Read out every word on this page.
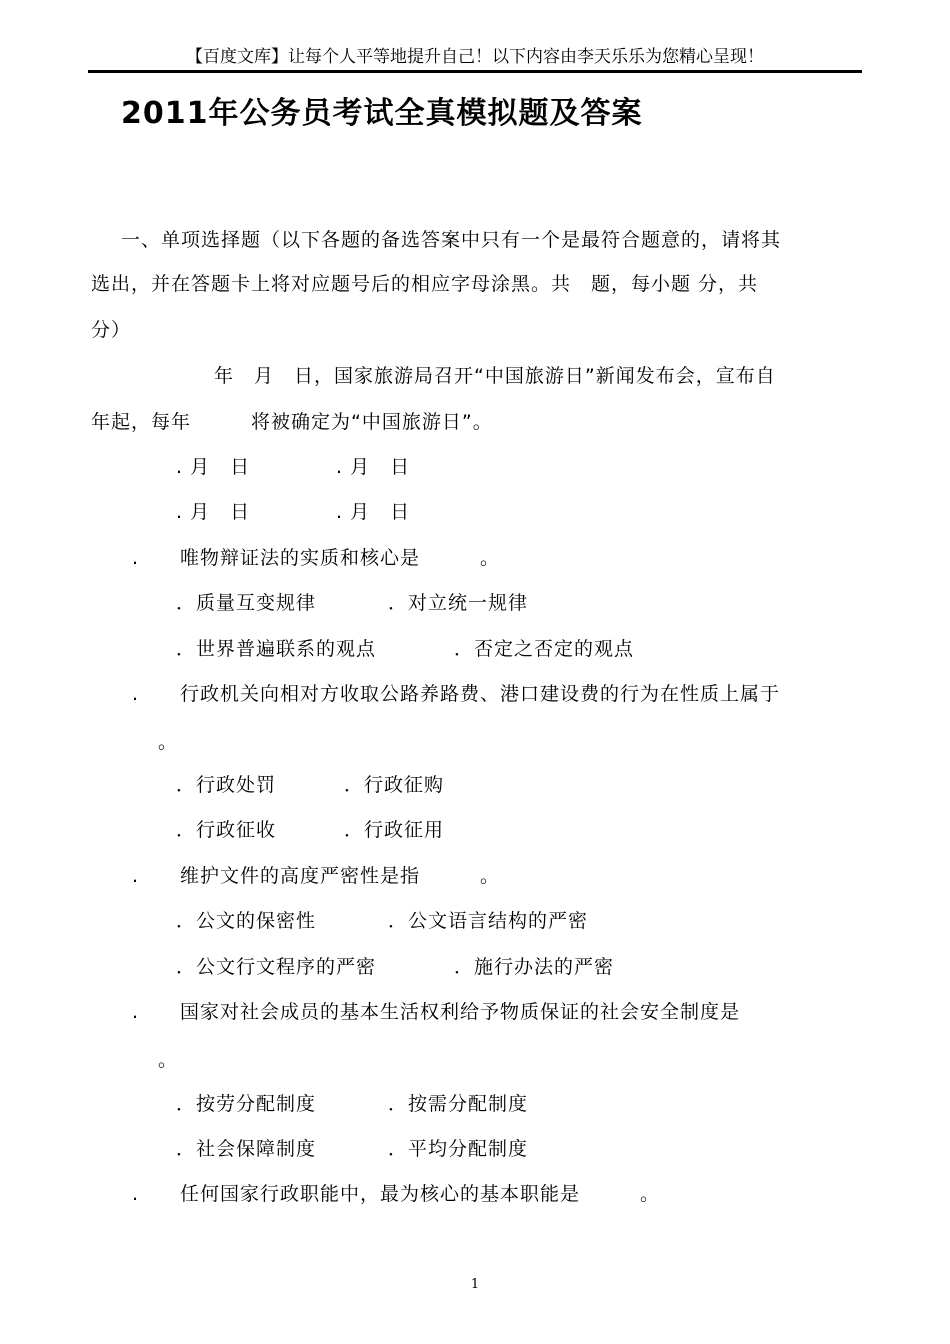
【百度文库】让每个人平等地提升自己！以下内容由李天乐乐为您精心呈现！
2011年公务员考试全真模拟题及答案
一、单项选择题（以下各题的备选答案中只有一个是最符合题意的，请将其
选出，并在答题卡上将对应题号后的相应字母涂黑。共　题，每小题 分，共
分）
年　月　日，国家旅游局召开“中国旅游日”新闻发布会，宣布自
年起，每年　　　将被确定为“中国旅游日”。
. 月　日	. 月　日
. 月　日	. 月　日
. 唯物辩证法的实质和核心是　　　。
．质量互变规律	．对立统一规律
．世界普遍联系的观点	．否定之否定的观点
. 行政机关向相对方收取公路养路费、港口建设费的行为在性质上属于
。
．行政处罚	．行政征购
．行政征收	．行政征用
. 维护文件的高度严密性是指　　　。
．公文的保密性	．公文语言结构的严密
．公文行文程序的严密	．施行办法的严密
. 国家对社会成员的基本生活权利给予物质保证的社会安全制度是
。
．按劳分配制度	．按需分配制度
．社会保障制度	．平均分配制度
. 任何国家行政职能中，最为核心的基本职能是　　　。
1
